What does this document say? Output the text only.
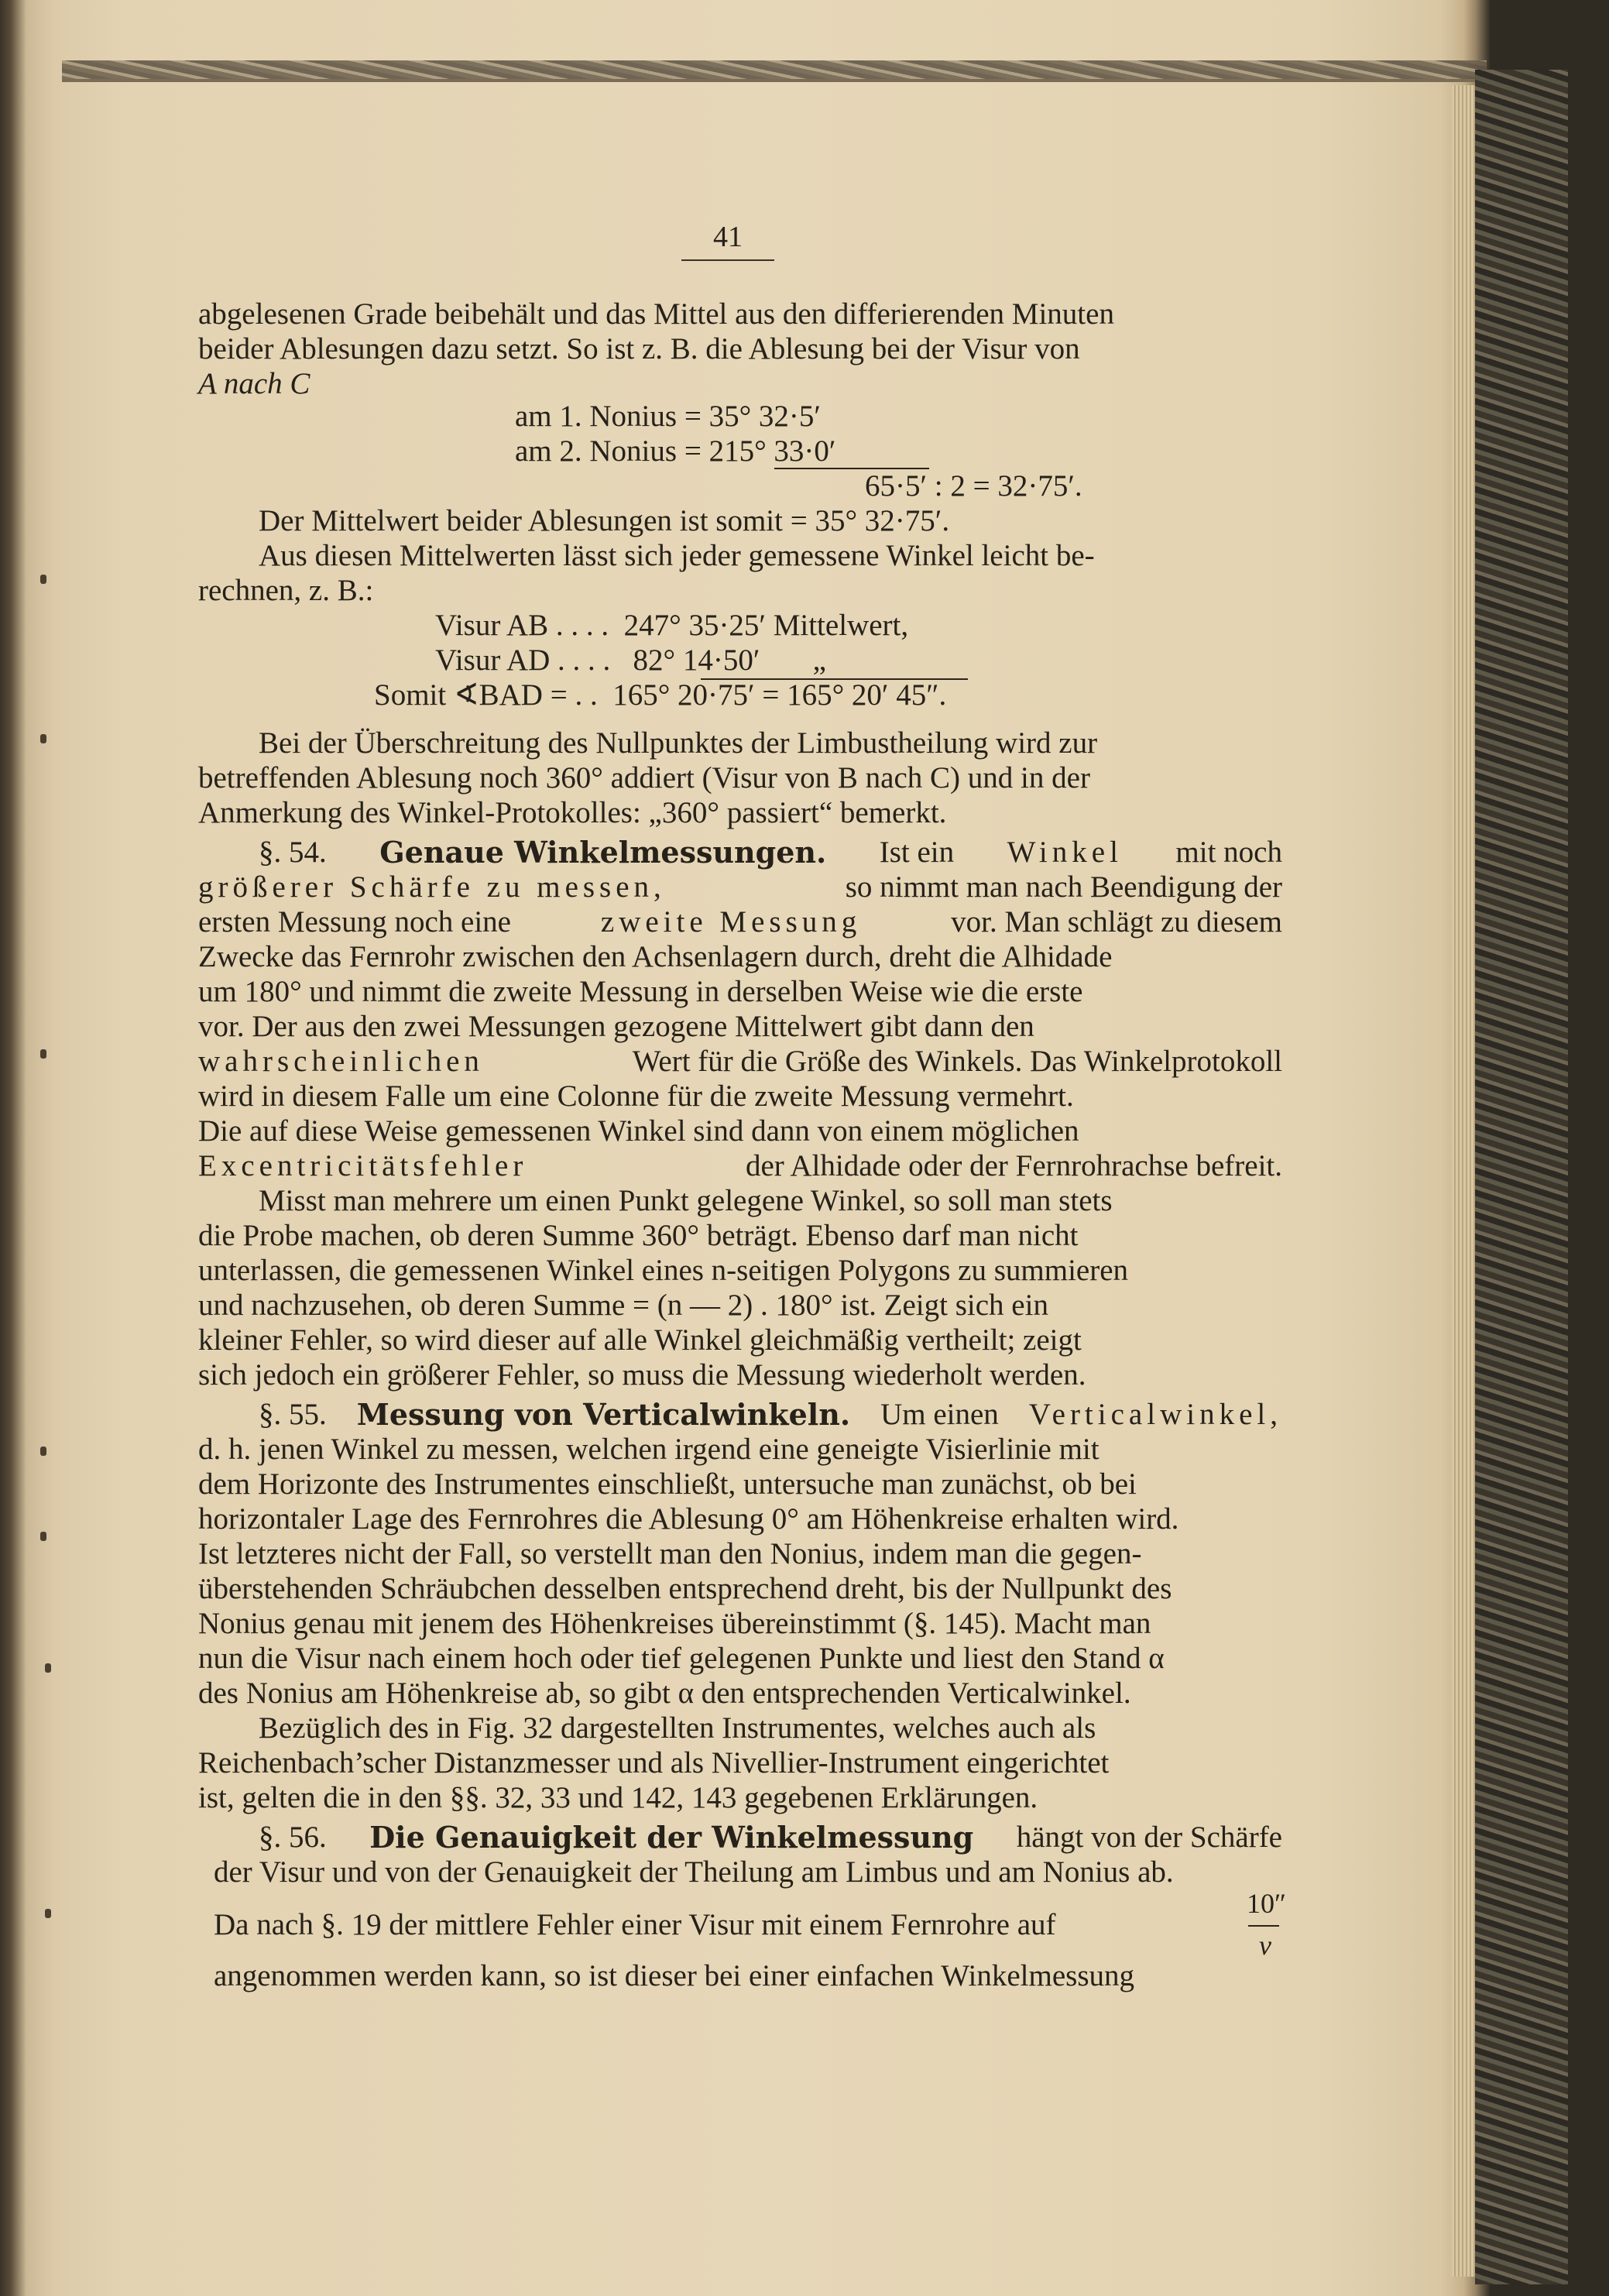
41
abgelesenen Grade beibehält und das Mittel aus den differierenden Minuten
beider Ablesungen dazu setzt. So ist z. B. die Ablesung bei der Visur von
A nach C
am 1. Nonius = 35° 32·5′
am 2. Nonius = 215° 33·0′
65·5′ : 2 = 32·75′.
Der Mittelwert beider Ablesungen ist somit = 35° 32·75′.
Aus diesen Mittelwerten lässt sich jeder gemessene Winkel leicht be-
rechnen, z. B.:
Visur AB . . . .  247° 35·25′ Mittelwert,
Visur AD . . . .   82° 14·50′       „
Somit ∢BAD = . .  165° 20·75′ = 165° 20′ 45″.
Bei der Überschreitung des Nullpunktes der Limbustheilung wird zur
betreffenden Ablesung noch 360° addiert (Visur von B nach C) und in der
Anmerkung des Winkel-Protokolles: „360° passiert“ bemerkt.
§. 54. Genaue Winkelmessungen. Ist ein Winkel mit noch
größerer Schärfe zu messen,	so nimmt man nach Beendigung der
ersten Messung noch eine	zweite Messung	vor. Man schlägt zu diesem
Zwecke das Fernrohr zwischen den Achsenlagern durch, dreht die Alhidade
um 180° und nimmt die zweite Messung in derselben Weise wie die erste
vor. Der aus den zwei Messungen gezogene Mittelwert gibt dann den
wahrscheinlichen	Wert für die Größe des Winkels. Das Winkelprotokoll
wird in diesem Falle um eine Colonne für die zweite Messung vermehrt.
Die auf diese Weise gemessenen Winkel sind dann von einem möglichen
Excentricitätsfehler	der Alhidade oder der Fernrohrachse befreit.
Misst man mehrere um einen Punkt gelegene Winkel, so soll man stets
die Probe machen, ob deren Summe 360° beträgt. Ebenso darf man nicht
unterlassen, die gemessenen Winkel eines n-seitigen Polygons zu summieren
und nachzusehen, ob deren Summe = (n — 2) . 180° ist. Zeigt sich ein
kleiner Fehler, so wird dieser auf alle Winkel gleichmäßig vertheilt; zeigt
sich jedoch ein größerer Fehler, so muss die Messung wiederholt werden.
§. 55. Messung von Verticalwinkeln. Um einen Verticalwinkel,
d. h. jenen Winkel zu messen, welchen irgend eine geneigte Visierlinie mit
dem Horizonte des Instrumentes einschließt, untersuche man zunächst, ob bei
horizontaler Lage des Fernrohres die Ablesung 0° am Höhenkreise erhalten wird.
Ist letzteres nicht der Fall, so verstellt man den Nonius, indem man die gegen-
überstehenden Schräubchen desselben entsprechend dreht, bis der Nullpunkt des
Nonius genau mit jenem des Höhenkreises übereinstimmt (§. 145). Macht man
nun die Visur nach einem hoch oder tief gelegenen Punkte und liest den Stand α
des Nonius am Höhenkreise ab, so gibt α den entsprechenden Verticalwinkel.
Bezüglich des in Fig. 32 dargestellten Instrumentes, welches auch als
Reichenbach’scher Distanzmesser und als Nivellier-Instrument eingerichtet
ist, gelten die in den §§. 32, 33 und 142, 143 gegebenen Erklärungen.
§. 56. Die Genauigkeit der Winkelmessung hängt von der Schärfe
der Visur und von der Genauigkeit der Theilung am Limbus und am Nonius ab.
Da nach §. 19 der mittlere Fehler einer Visur mit einem Fernrohre auf
10″
v
angenommen werden kann, so ist dieser bei einer einfachen Winkelmessung
